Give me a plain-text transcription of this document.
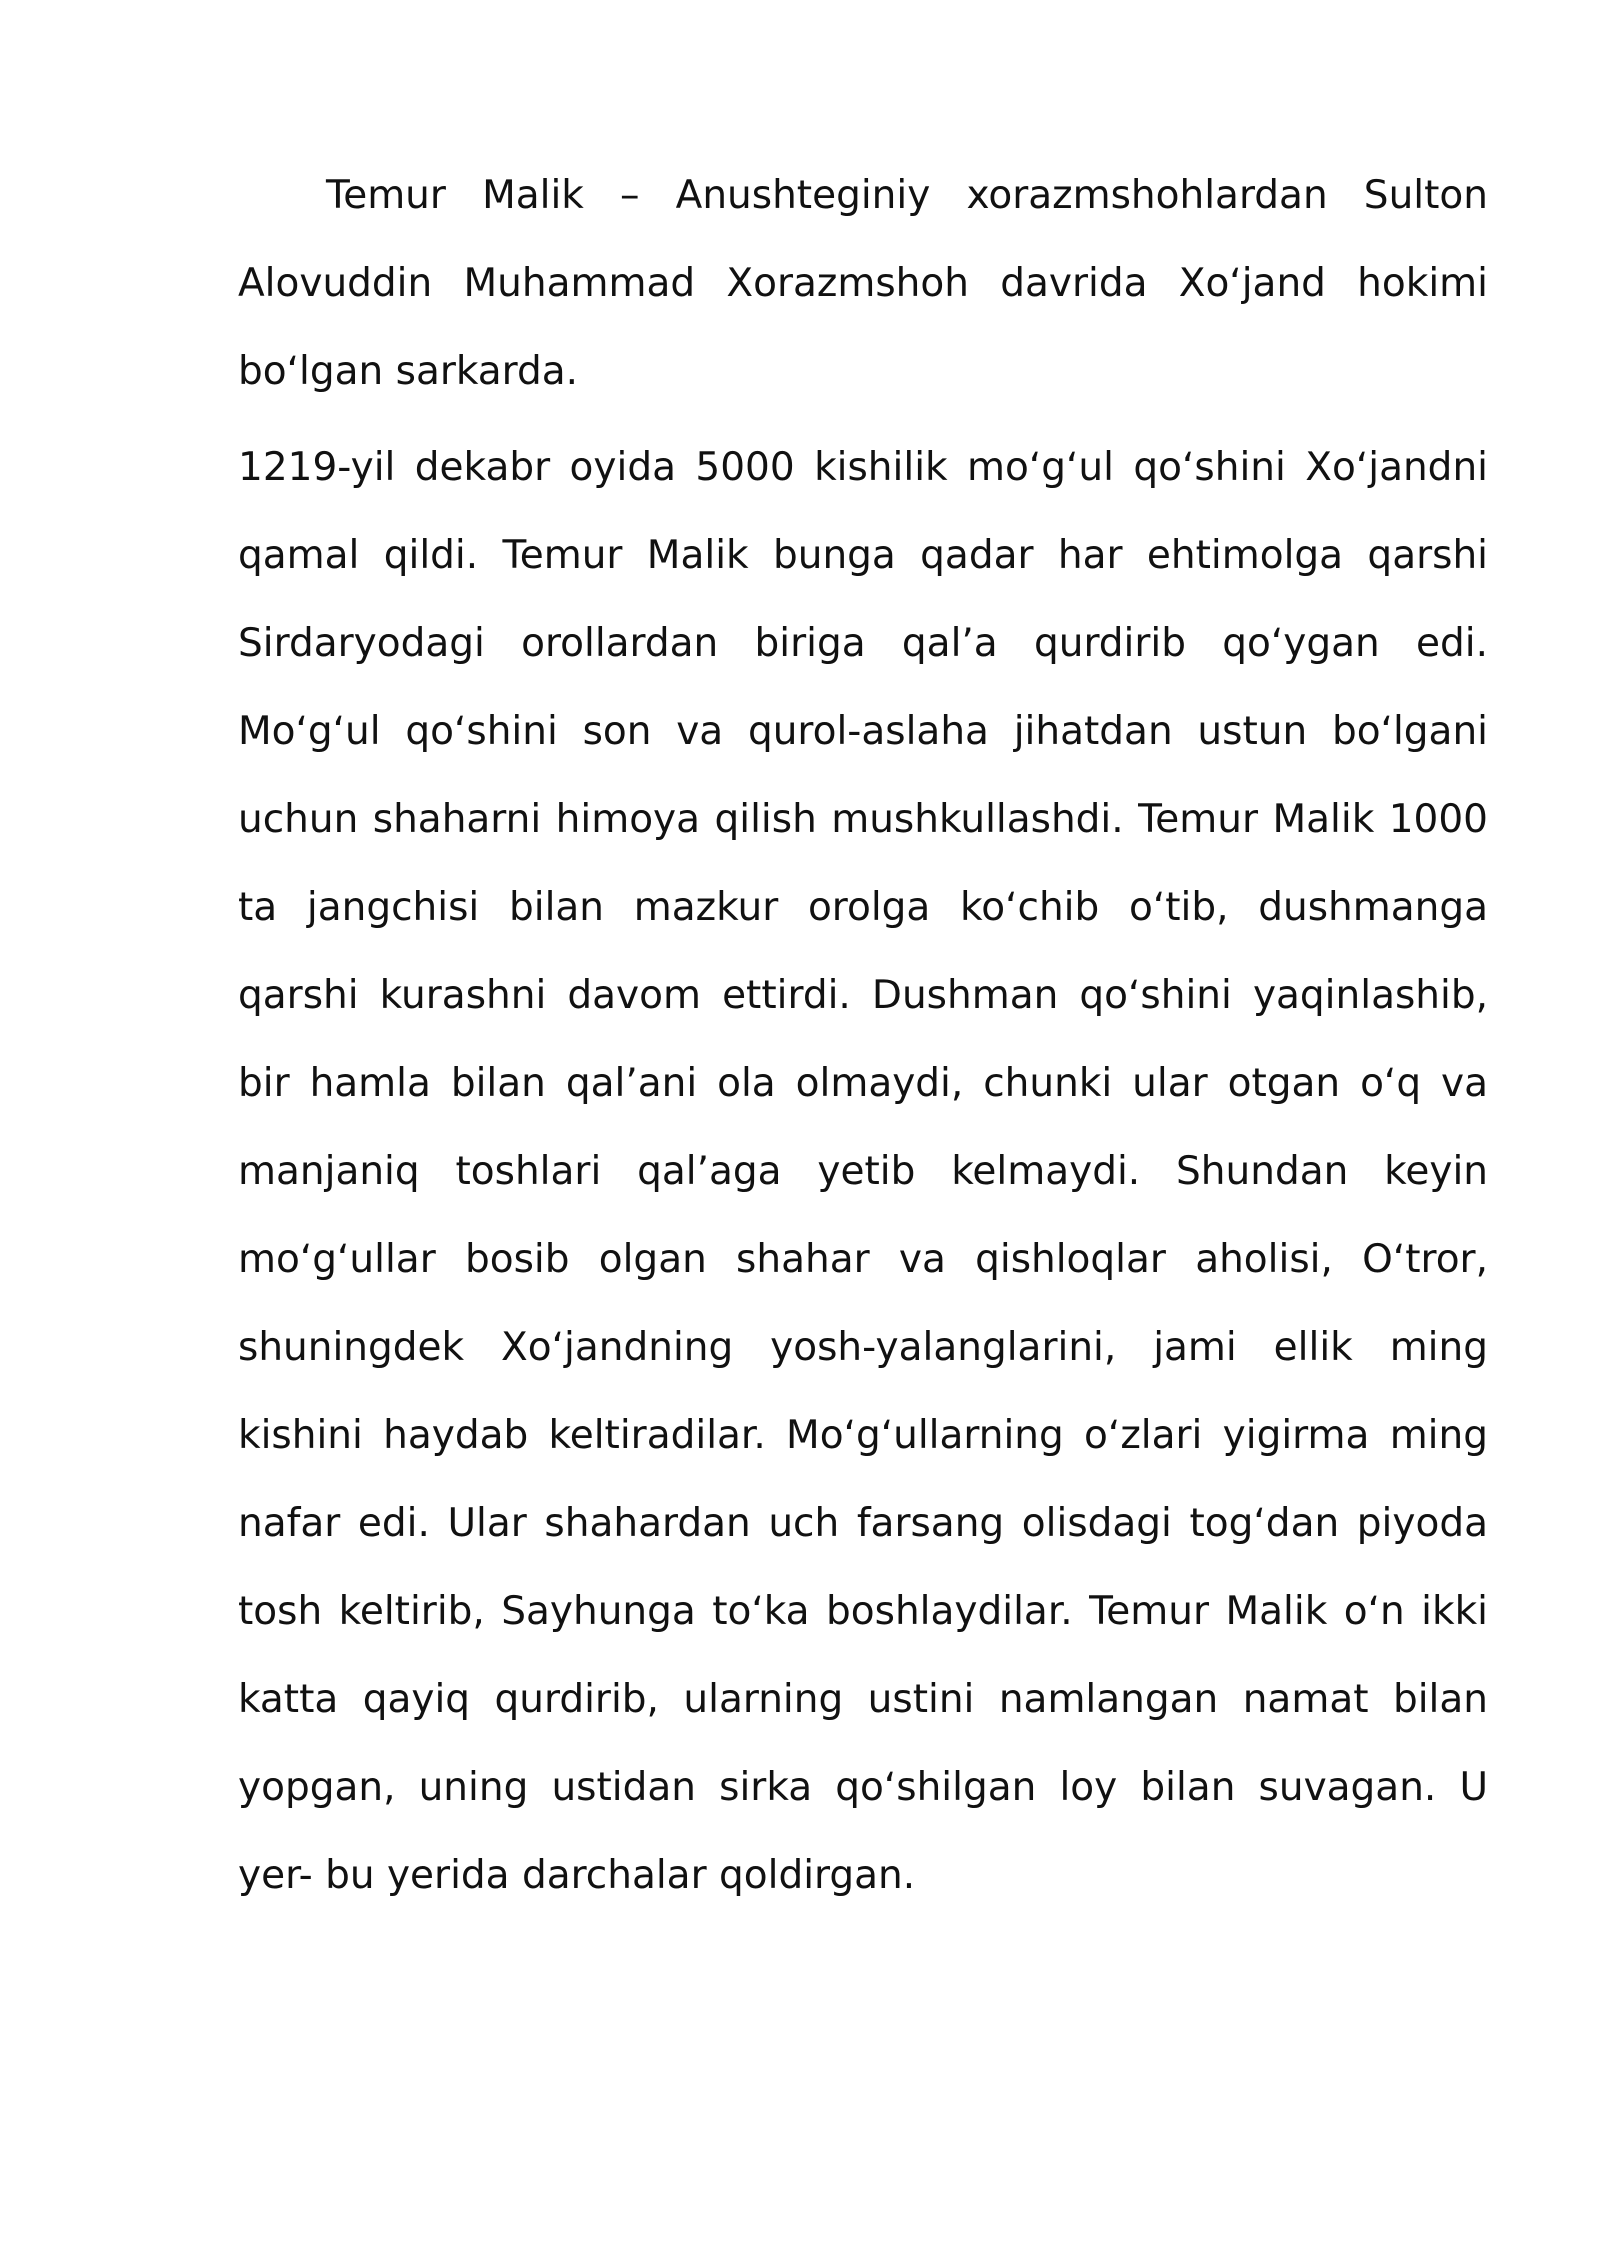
Temur Malik – Anushteginiy xorazmshohlardan Sulton Alovuddin Muhammad Xorazmshoh davrida Xo‘jand hokimi bo‘lgan sarkarda.

1219-yil dekabr oyida 5000 kishilik mo‘g‘ul qo‘shini Xo‘jandni qamal qildi. Temur Malik bunga qadar har ehtimolga qarshi Sirdaryodagi orollardan biriga qal’a qurdirib qo‘ygan edi. Mo‘g‘ul qo‘shini son va qurol-aslaha jihatdan ustun bo‘lgani uchun shaharni himoya qilish mushkullashdi. Temur Malik 1000 ta jangchisi bilan mazkur orolga ko‘chib o‘tib, dushmanga qarshi kurashni davom ettirdi. Dushman qo‘shini yaqinlashib, bir hamla bilan qal’ani ola olmaydi, chunki ular otgan o‘q va manjaniq toshlari qal’aga yetib kelmaydi. Shundan keyin mo‘g‘ullar bosib olgan shahar va qishloqlar aholisi, O‘tror, shuningdek Xo‘jandning yosh-yalanglarini, jami ellik ming kishini haydab keltiradilar. Mo‘g‘ullarning o‘zlari yigirma ming nafar edi. Ular shahardan uch farsang olisdagi tog‘dan piyoda tosh keltirib, Sayhunga to‘ka boshlaydilar. Temur Malik o‘n ikki katta qayiq qurdirib, ularning ustini namlangan namat bilan yopgan, uning ustidan sirka qo‘shilgan loy bilan suvagan. U yer- bu yerida darchalar qoldirgan.
